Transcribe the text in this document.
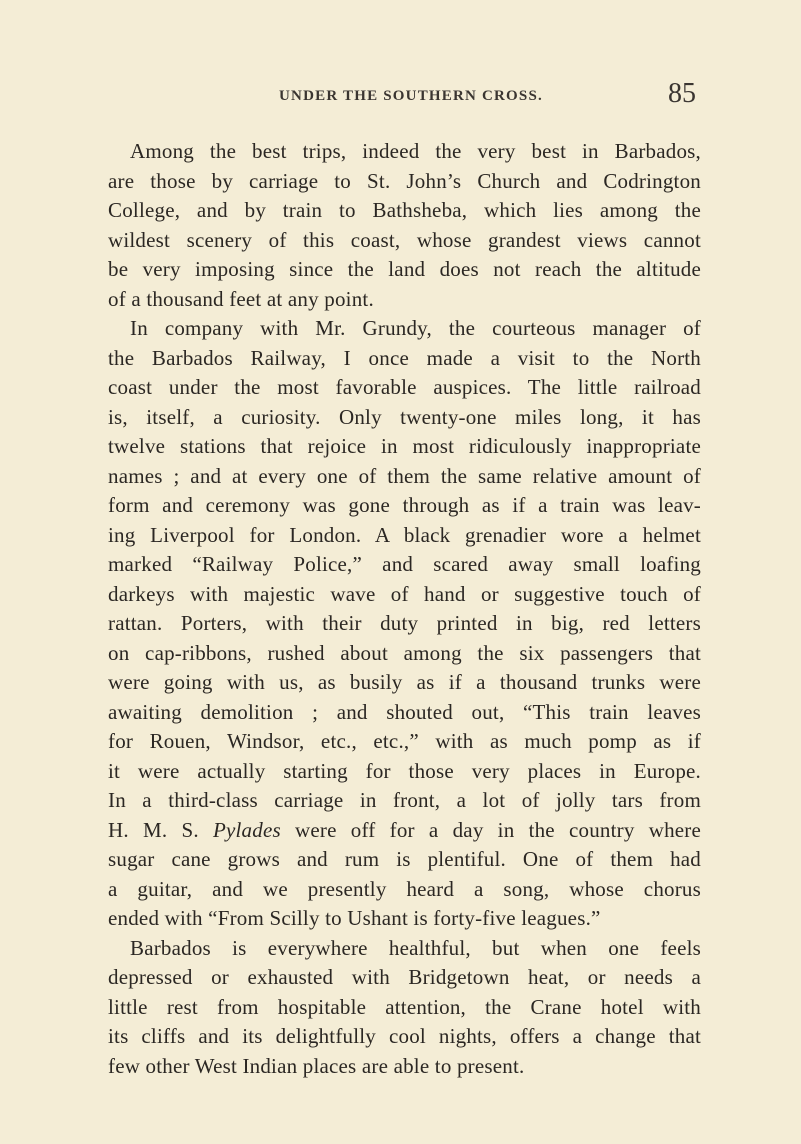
UNDER THE SOUTHERN CROSS.	85
Among the best trips, indeed the very best in Barbados,
are those by carriage to St. John’s Church and Codrington
College, and by train to Bathsheba, which lies among the
wildest scenery of this coast, whose grandest views cannot
be very imposing since the land does not reach the altitude
of a thousand feet at any point.
In company with Mr. Grundy, the courteous manager of
the Barbados Railway, I once made a visit to the North
coast under the most favorable auspices. The little railroad
is, itself, a curiosity. Only twenty-one miles long, it has
twelve stations that rejoice in most ridiculously inappropriate
names ; and at every one of them the same relative amount of
form and ceremony was gone through as if a train was leav-
ing Liverpool for London. A black grenadier wore a helmet
marked “Railway Police,” and scared away small loafing
darkeys with majestic wave of hand or suggestive touch of
rattan. Porters, with their duty printed in big, red letters
on cap-ribbons, rushed about among the six passengers that
were going with us, as busily as if a thousand trunks were
awaiting demolition ; and shouted out, “This train leaves
for Rouen, Windsor, etc., etc.,” with as much pomp as if
it were actually starting for those very places in Europe.
In a third-class carriage in front, a lot of jolly tars from
H. M. S. Pylades were off for a day in the country where
sugar cane grows and rum is plentiful. One of them had
a guitar, and we presently heard a song, whose chorus
ended with “From Scilly to Ushant is forty-five leagues.”
Barbados is everywhere healthful, but when one feels
depressed or exhausted with Bridgetown heat, or needs a
little rest from hospitable attention, the Crane hotel with
its cliffs and its delightfully cool nights, offers a change that
few other West Indian places are able to present.
